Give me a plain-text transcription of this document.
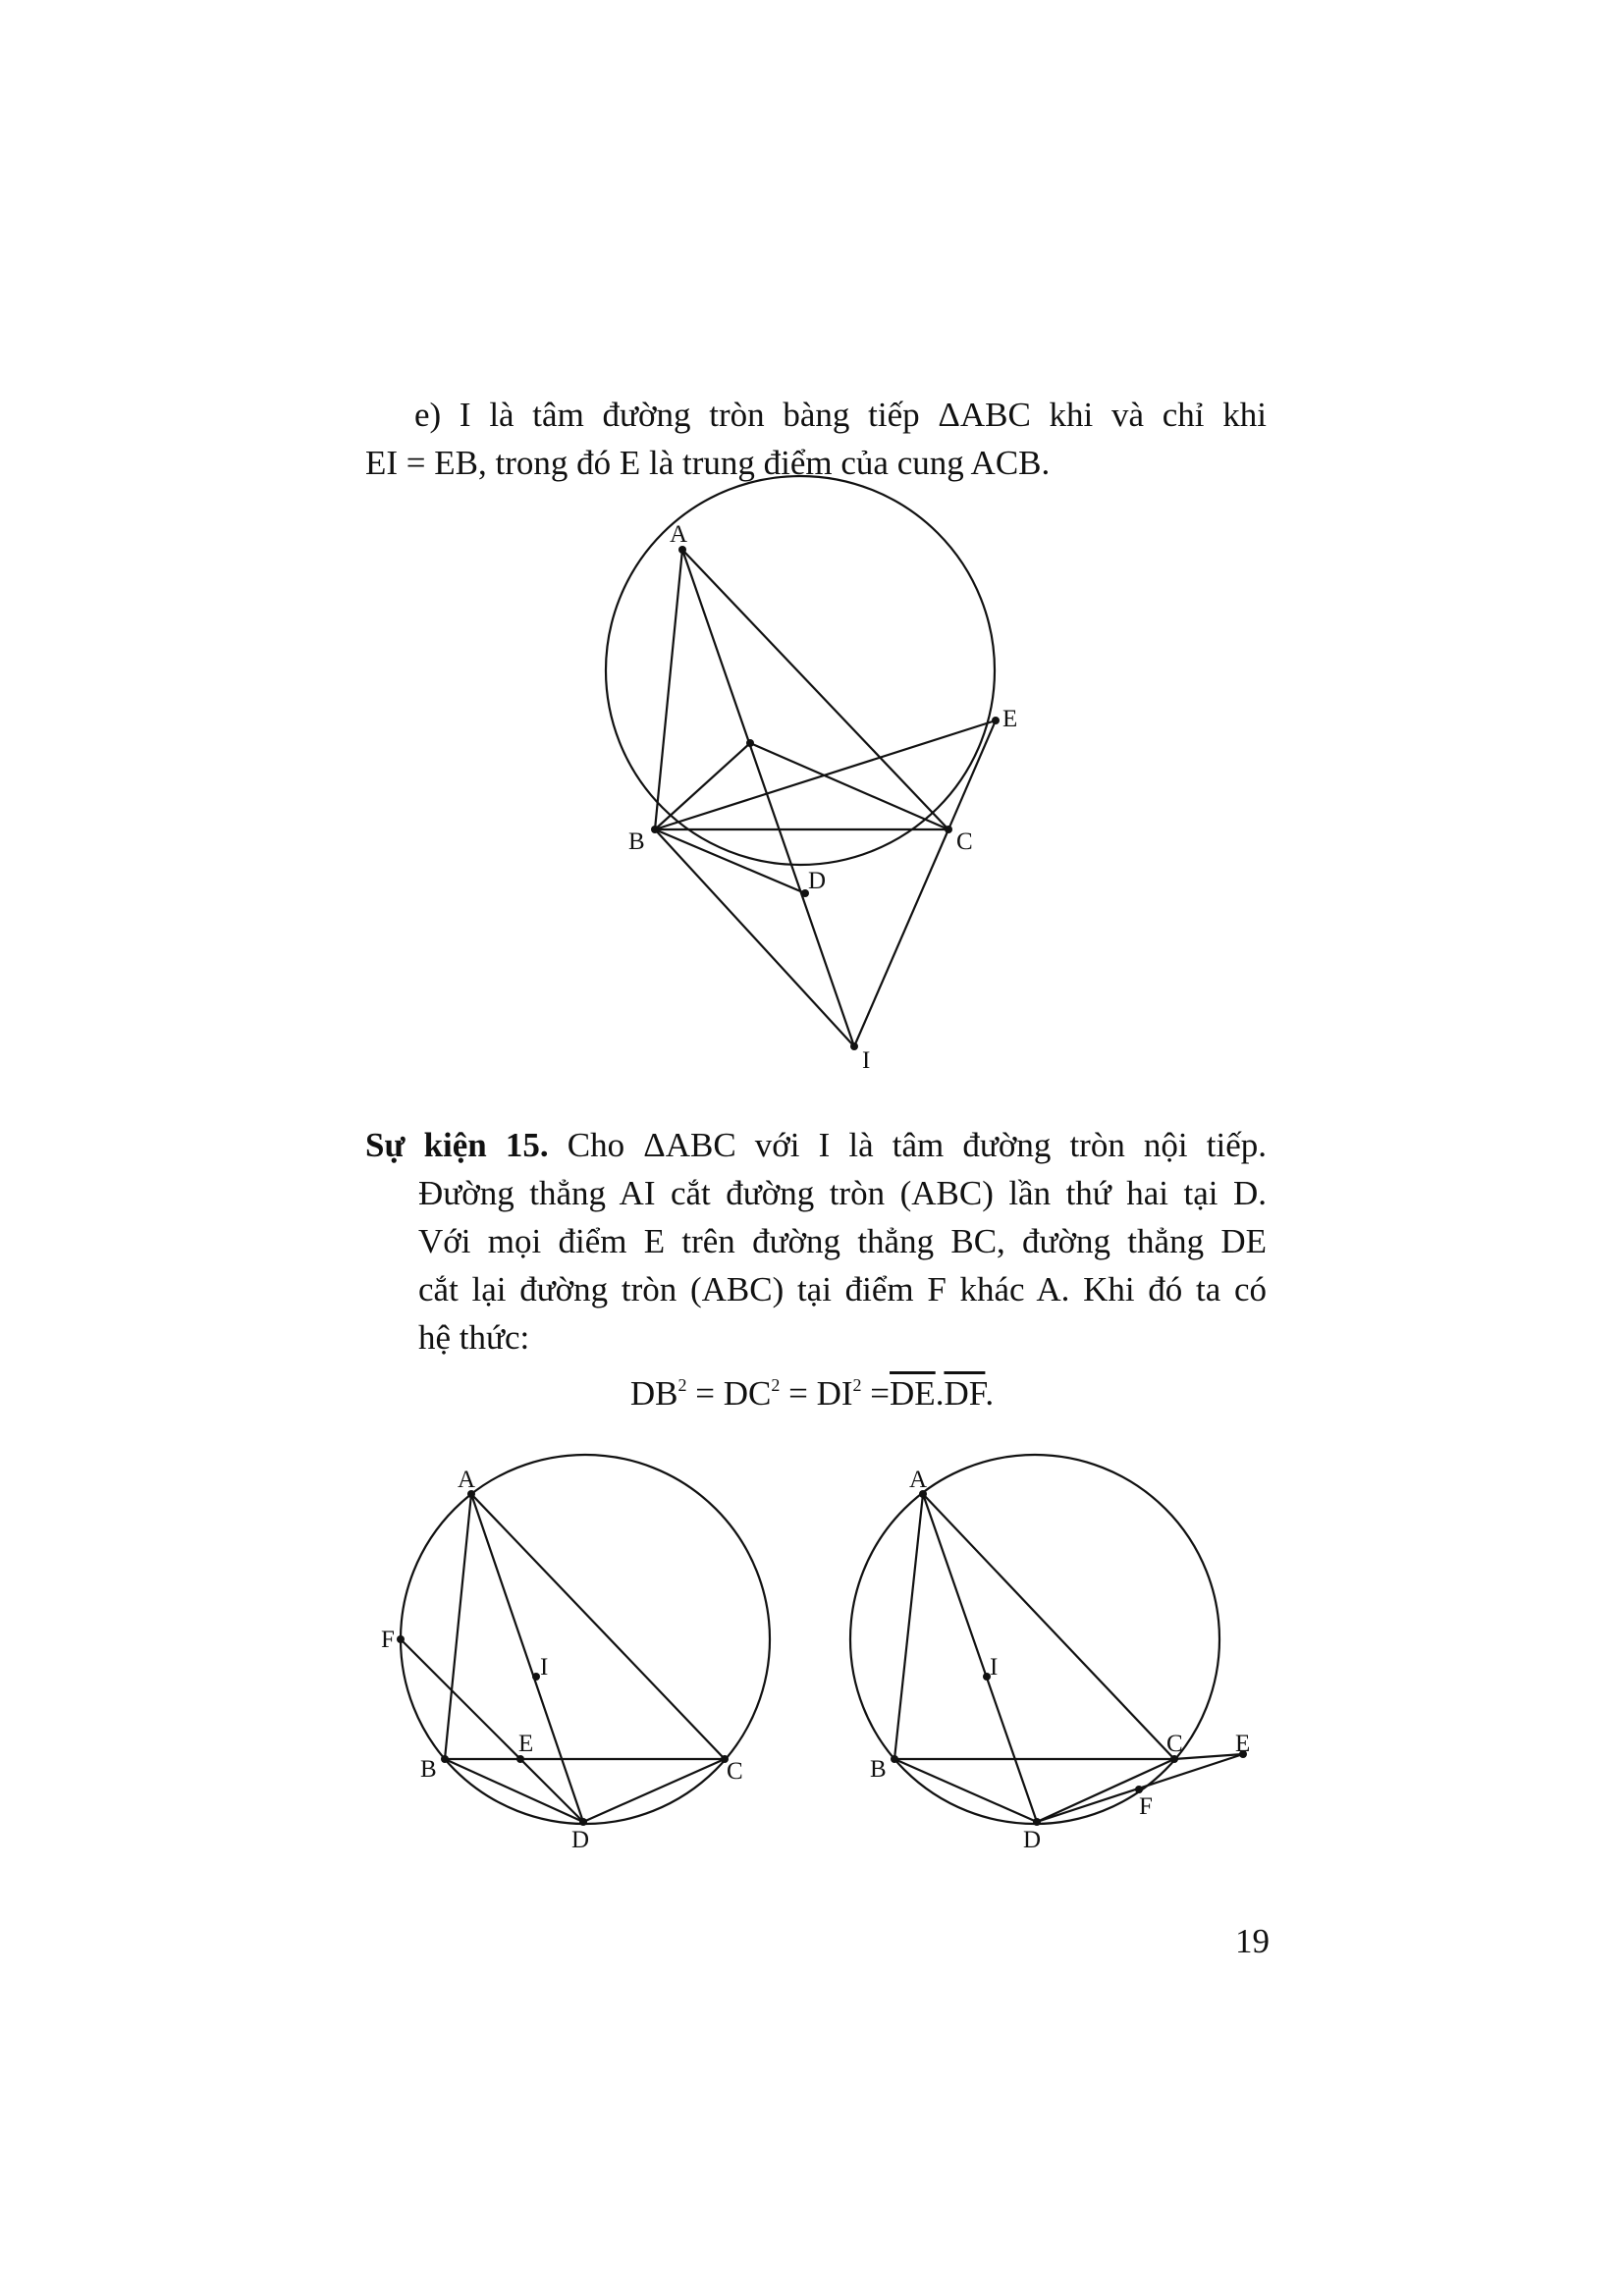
e) I là tâm đường tròn bàng tiếp ΔABC khi và chỉ khi
EI = EB, trong đó E là trung điểm của cung ACB.
Sự kiện 15. Cho ΔABC với I là tâm đường tròn nội tiếp.
Đường thẳng AI cắt đường tròn (ABC) lần thứ hai tại D.
Với mọi điểm E trên đường thẳng BC, đường thẳng DE
cắt lại đường tròn (ABC) tại điểm F khác A. Khi đó ta có
hệ thức:
$DB^2 = DC^2 = DI^2 =\overline{DE}.\overline{DF}$.
A
B	C
D
E
I
A
B	C
D
E
F
I
A
B
C
D
E
F
I
19
